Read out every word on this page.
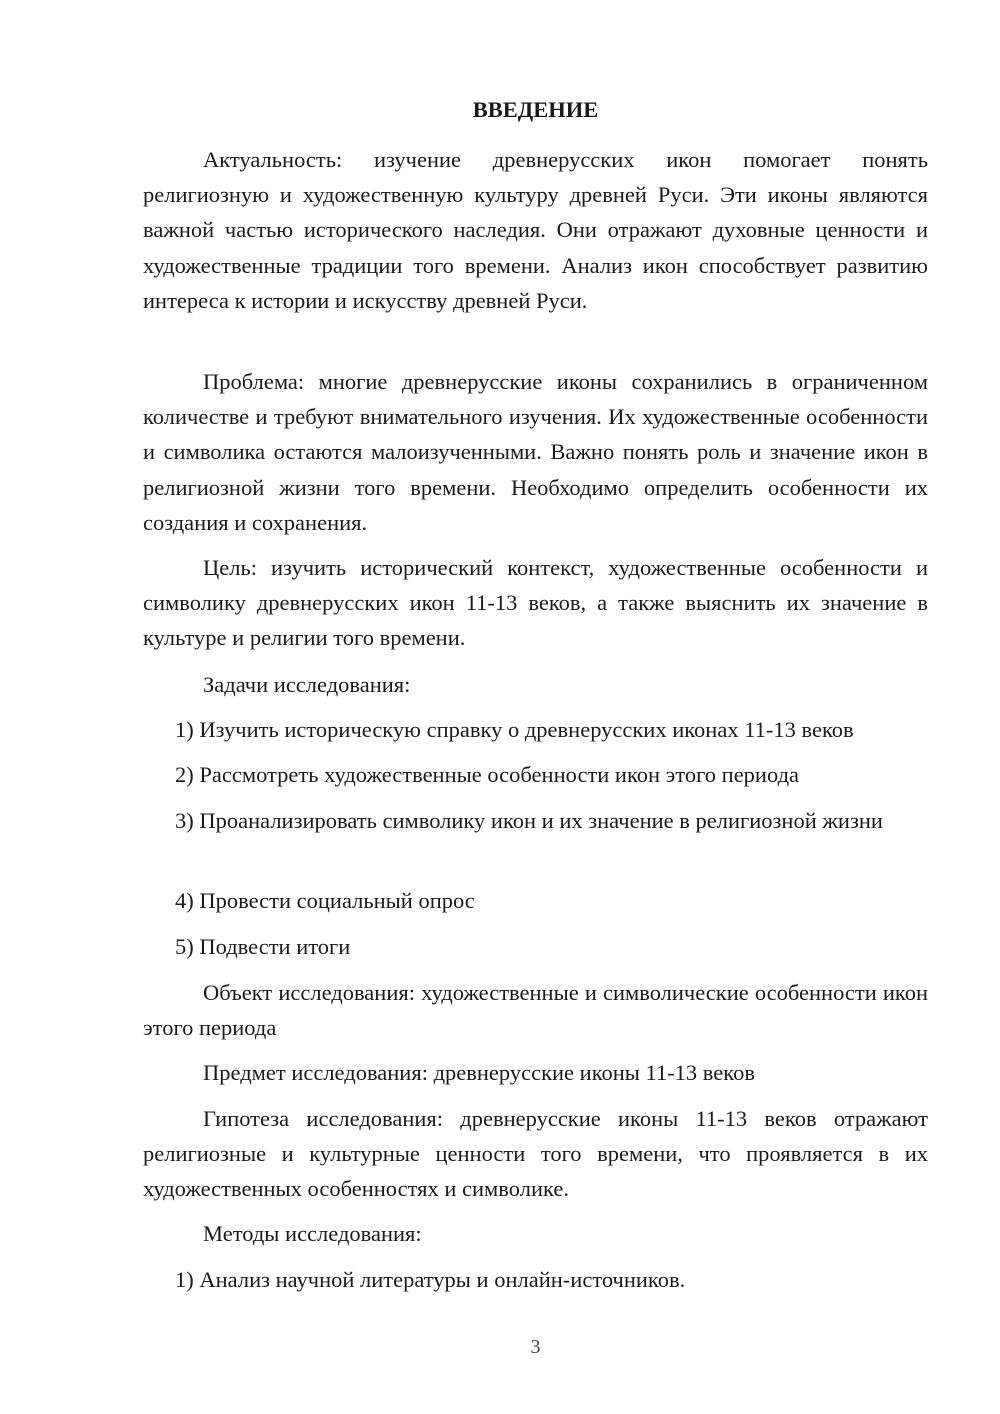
ВВЕДЕНИЕ

Актуальность: изучение древнерусских икон помогает понять религиозную и художественную культуру древней Руси. Эти иконы являются важной частью исторического наследия. Они отражают духовные ценности и художественные традиции того времени. Анализ икон способствует развитию интереса к истории и искусству древней Руси.

Проблема: многие древнерусские иконы сохранились в ограниченном количестве и требуют внимательного изучения. Их художественные особенности и символика остаются малоизученными. Важно понять роль и значение икон в религиозной жизни того времени. Необходимо определить особенности их создания и сохранения.

Цель: изучить исторический контекст, художественные особенности и символику древнерусских икон 11-13 веков, а также выяснить их значение в культуре и религии того времени.

Задачи исследования:

1) Изучить историческую справку о древнерусских иконах 11-13 веков

2) Рассмотреть художественные особенности икон этого периода

3) Проанализировать символику икон и их значение в религиозной жизни

4) Провести социальный опрос

5) Подвести итоги

Объект исследования: художественные и символические особенности икон этого периода

Предмет исследования: древнерусские иконы 11-13 веков

Гипотеза исследования: древнерусские иконы 11-13 веков отражают религиозные и культурные ценности того времени, что проявляется в их художественных особенностях и символике.

Методы исследования:

1) Анализ научной литературы и онлайн-источников.

3
